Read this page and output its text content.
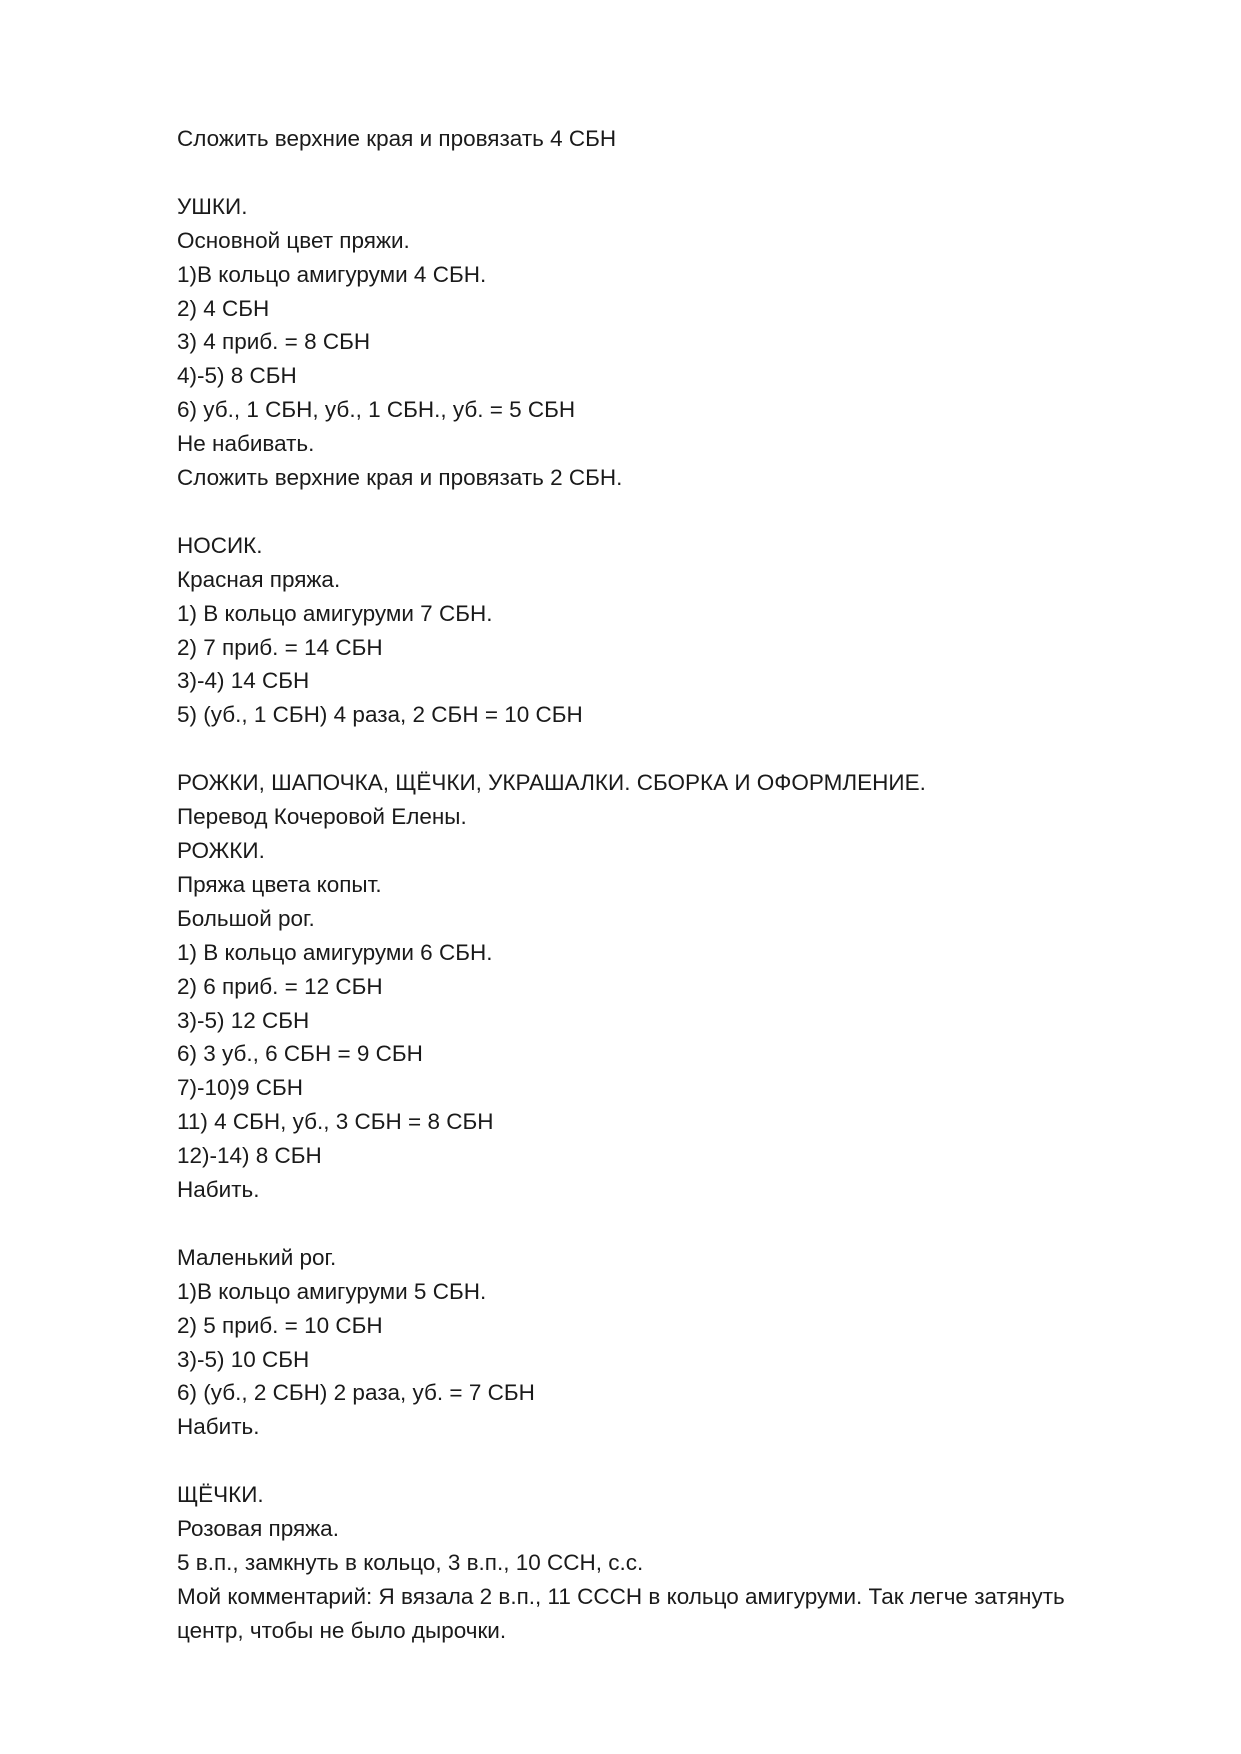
Сложить верхние края и провязать 4 СБН
УШКИ.
Основной цвет пряжи.
1)В кольцо амигуруми 4 СБН.
2) 4 СБН
3) 4 приб. = 8 СБН
4)-5) 8 СБН
6) уб., 1 СБН, уб., 1 СБН., уб. = 5 СБН
Не набивать.
Сложить верхние края и провязать 2 СБН.
НОСИК.
Красная пряжа.
1) В кольцо амигуруми 7 СБН.
2) 7 приб. = 14 СБН
3)-4) 14 СБН
5) (уб., 1 СБН) 4 раза, 2 СБН = 10 СБН
РОЖКИ, ШАПОЧКА, ЩЁЧКИ, УКРАШАЛКИ. СБОРКА И ОФОРМЛЕНИЕ.
Перевод Кочеровой Елены.
РОЖКИ.
Пряжа цвета копыт.
Большой рог.
1) В кольцо амигуруми 6 СБН.
2) 6 приб. = 12 СБН
3)-5) 12 СБН
6) 3 уб., 6 СБН = 9 СБН
7)-10)9 СБН
11) 4 СБН, уб., 3 СБН = 8 СБН
12)-14) 8 СБН
Набить.
Маленький рог.
1)В кольцо амигуруми 5 СБН.
2) 5 приб. = 10 СБН
3)-5) 10 СБН
6) (уб., 2 СБН) 2 раза, уб. = 7 СБН
Набить.
ЩЁЧКИ.
Розовая пряжа.
5 в.п., замкнуть в кольцо, 3 в.п., 10 ССН, с.с.
Мой комментарий: Я вязала 2 в.п., 11 СССН в кольцо амигуруми. Так легче затянуть центр, чтобы не было дырочки.
